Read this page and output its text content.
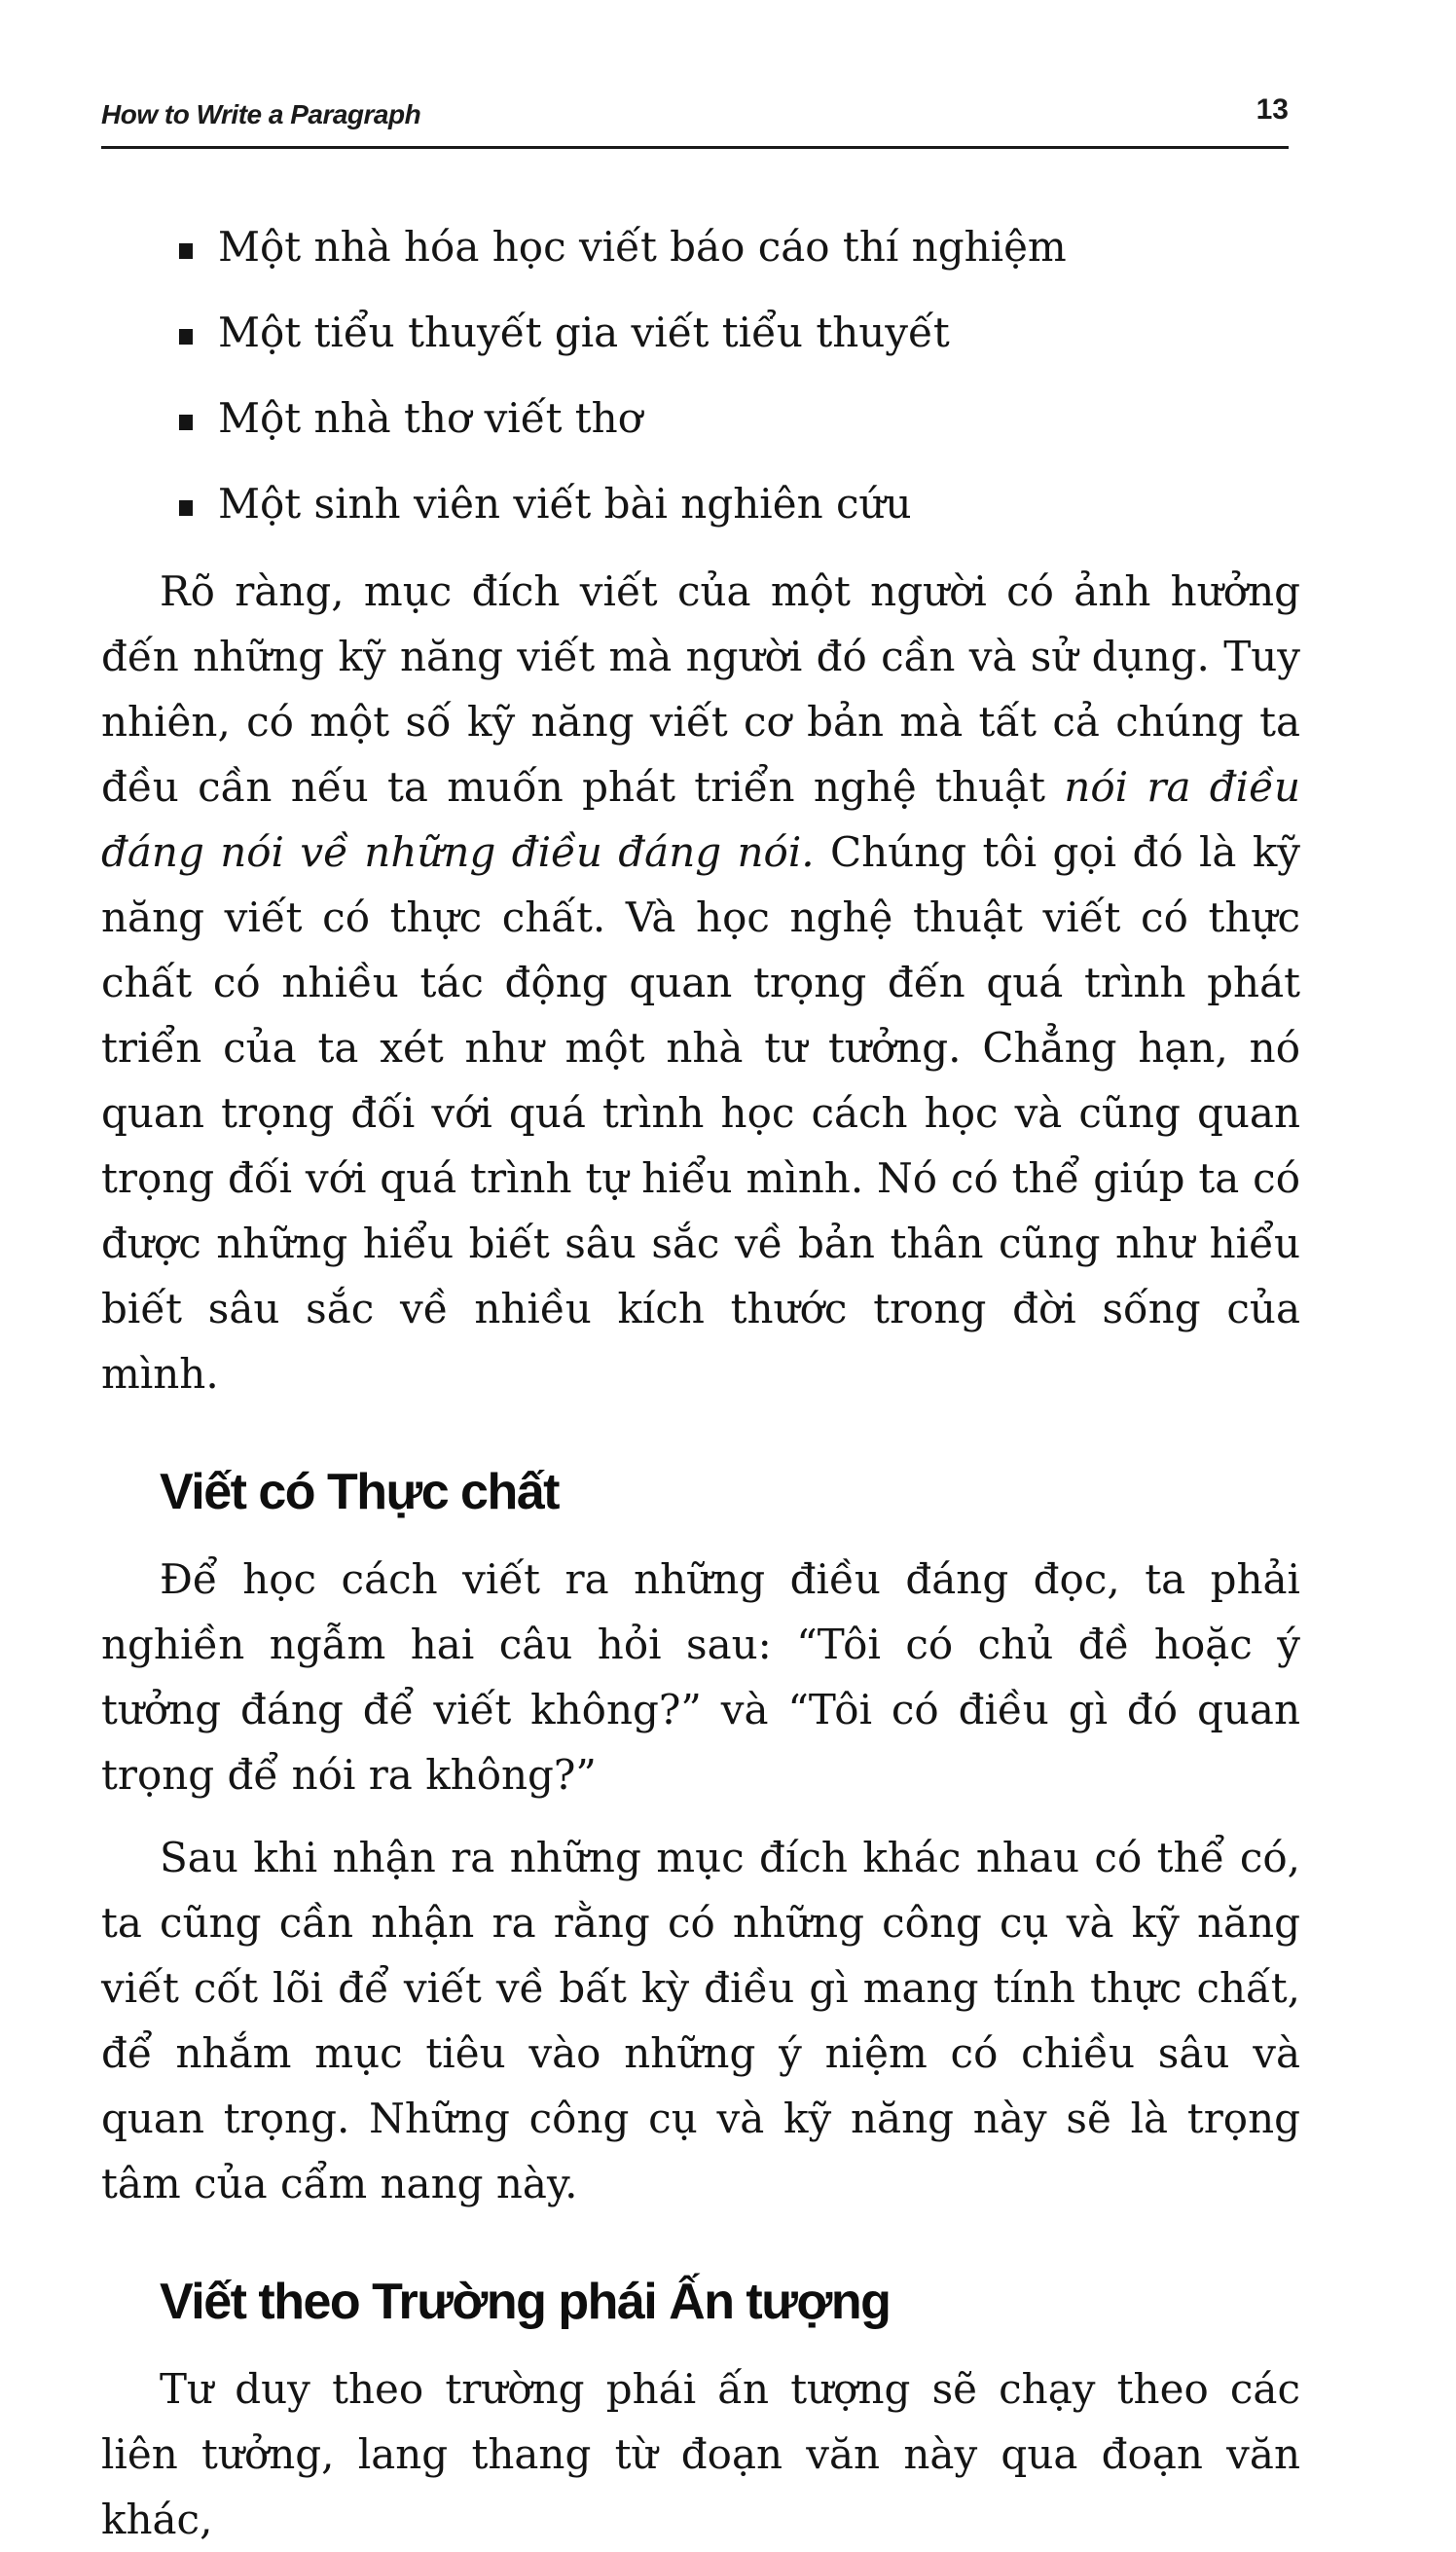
How to Write a Paragraph	13
Một nhà hóa học viết báo cáo thí nghiệm
Một tiểu thuyết gia viết tiểu thuyết
Một nhà thơ viết thơ
Một sinh viên viết bài nghiên cứu

Rõ ràng, mục đích viết của một người có ảnh hưởng đến những kỹ năng viết mà người đó cần và sử dụng. Tuy nhiên, có một số kỹ năng viết cơ bản mà tất cả chúng ta đều cần nếu ta muốn phát triển nghệ thuật nói ra điều đáng nói về những điều đáng nói. Chúng tôi gọi đó là kỹ năng viết có thực chất. Và học nghệ thuật viết có thực chất có nhiều tác động quan trọng đến quá trình phát triển của ta xét như một nhà tư tưởng. Chẳng hạn, nó quan trọng đối với quá trình học cách học và cũng quan trọng đối với quá trình tự hiểu mình. Nó có thể giúp ta có được những hiểu biết sâu sắc về bản thân cũng như hiểu biết sâu sắc về nhiều kích thước trong đời sống của mình.

Viết có Thực chất

Để học cách viết ra những điều đáng đọc, ta phải nghiền ngẫm hai câu hỏi sau: “Tôi có chủ đề hoặc ý tưởng đáng để viết không?” và “Tôi có điều gì đó quan trọng để nói ra không?”

Sau khi nhận ra những mục đích khác nhau có thể có, ta cũng cần nhận ra rằng có những công cụ và kỹ năng viết cốt lõi để viết về bất kỳ điều gì mang tính thực chất, để nhắm mục tiêu vào những ý niệm có chiều sâu và quan trọng. Những công cụ và kỹ năng này sẽ là trọng tâm của cẩm nang này.

Viết theo Trường phái Ấn tượng

Tư duy theo trường phái ấn tượng sẽ chạy theo các liên tưởng, lang thang từ đoạn văn này qua đoạn văn khác,
